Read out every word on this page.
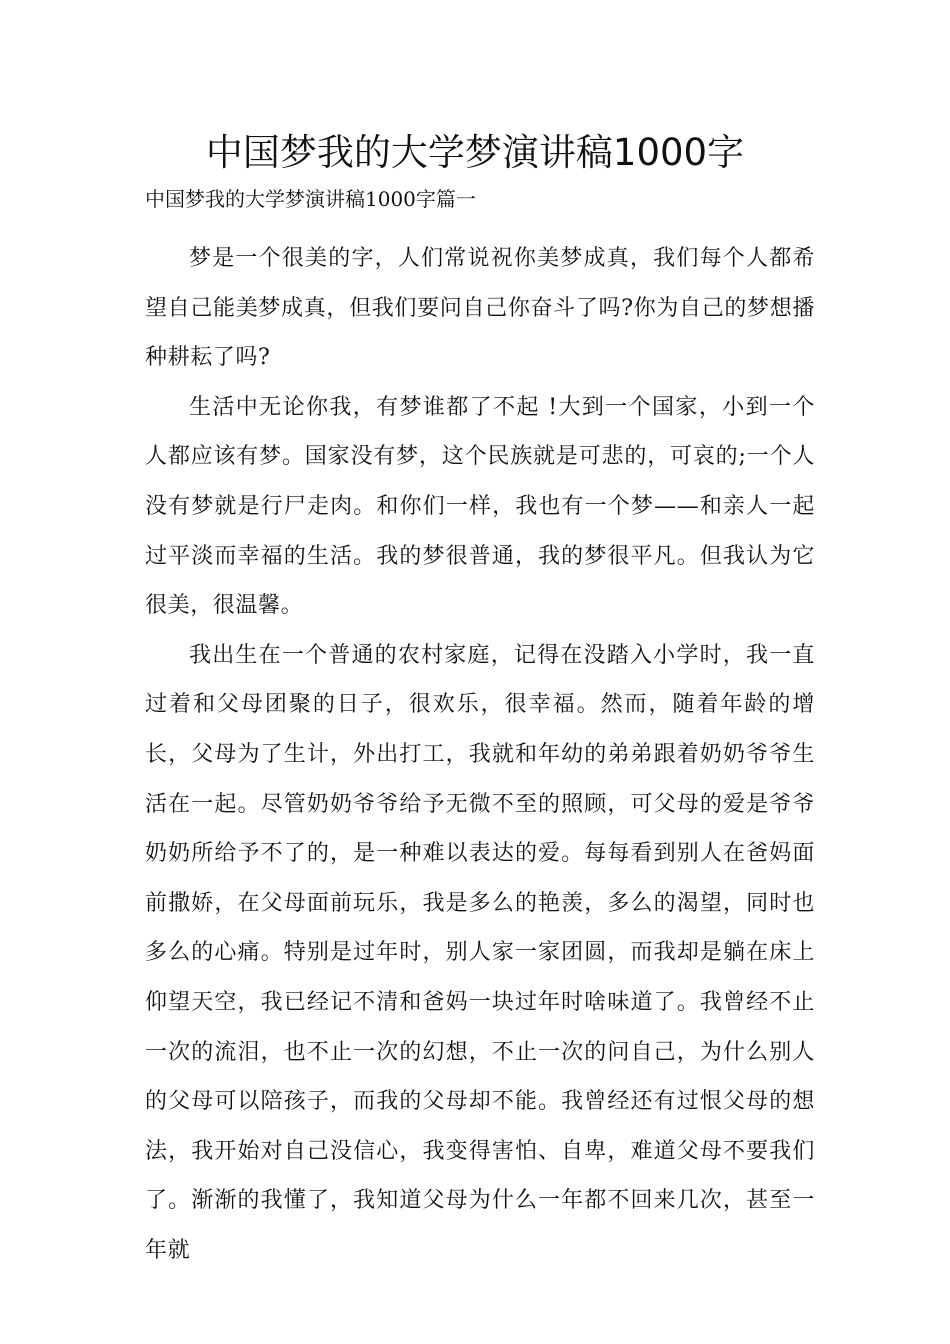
中国梦我的大学梦演讲稿1000字
中国梦我的大学梦演讲稿1000字篇一

梦是一个很美的字，人们常说祝你美梦成真，我们每个人都希望自己能美梦成真，但我们要问自己你奋斗了吗?你为自己的梦想播种耕耘了吗?

生活中无论你我，有梦谁都了不起 !大到一个国家，小到一个人都应该有梦。国家没有梦，这个民族就是可悲的，可哀的;一个人没有梦就是行尸走肉。和你们一样，我也有一个梦——和亲人一起过平淡而幸福的生活。我的梦很普通，我的梦很平凡。但我认为它很美，很温馨。

我出生在一个普通的农村家庭，记得在没踏入小学时，我一直过着和父母团聚的日子，很欢乐，很幸福。然而，随着年龄的增长，父母为了生计，外出打工，我就和年幼的弟弟跟着奶奶爷爷生活在一起。尽管奶奶爷爷给予无微不至的照顾，可父母的爱是爷爷奶奶所给予不了的，是一种难以表达的爱。每每看到别人在爸妈面前撒娇，在父母面前玩乐，我是多么的艳羡，多么的渴望，同时也多么的心痛。特别是过年时，别人家一家团圆，而我却是躺在床上仰望天空，我已经记不清和爸妈一块过年时啥味道了。我曾经不止一次的流泪，也不止一次的幻想，不止一次的问自己，为什么别人的父母可以陪孩子，而我的父母却不能。我曾经还有过恨父母的想法，我开始对自己没信心，我变得害怕、自卑，难道父母不要我们了。渐渐的我懂了，我知道父母为什么一年都不回来几次，甚至一年就
